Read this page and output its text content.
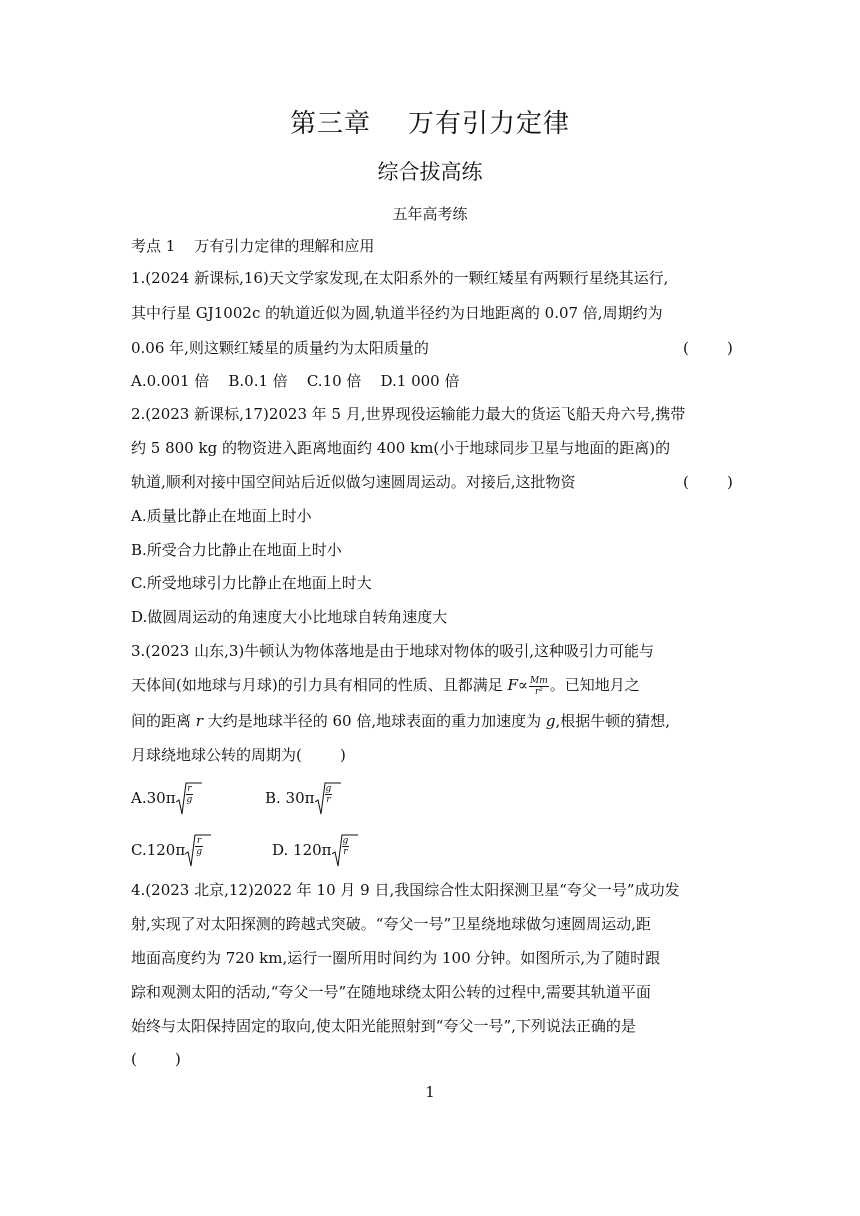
第三章    万有引力定律
综合拔高练
五年高考练
考点 1    万有引力定律的理解和应用
1.(2024 新课标,16)天文学家发现,在太阳系外的一颗红矮星有两颗行星绕其运行,
其中行星 GJ1002c 的轨道近似为圆,轨道半径约为日地距离的 0.07 倍,周期约为
0.06 年,则这颗红矮星的质量约为太阳质量的	(        )
A.0.001 倍    B.0.1 倍    C.10 倍    D.1 000 倍
2.(2023 新课标,17)2023 年 5 月,世界现役运输能力最大的货运飞船天舟六号,携带
约 5 800 kg 的物资进入距离地面约 400 km(小于地球同步卫星与地面的距离)的
轨道,顺利对接中国空间站后近似做匀速圆周运动。对接后,这批物资	(        )
A.质量比静止在地面上时小
B.所受合力比静止在地面上时小
C.所受地球引力比静止在地面上时大
D.做圆周运动的角速度大小比地球自转角速度大
3.(2023 山东,3)牛顿认为物体落地是由于地球对物体的吸引,这种吸引力可能与
天体间(如地球与月球)的引力具有相同的性质、且都满足 $F\propto \frac{Mm}{\text{r²}}$ 。已知地月之
间的距离 r 大约是地球半径的 60 倍,地球表面的重力加速度为 g,根据牛顿的猜想,
月球绕地球公转的周期为(        )
$A.30\pi \frac{r}{g}$	B. $30\pi \frac{g}{r}$
$C.120\pi \frac{r}{g}$	D. $120\pi \frac{g}{r}$
4.(2023 北京,12)2022 年 10 月 9 日,我国综合性太阳探测卫星“夸父一号”成功发
射,实现了对太阳探测的跨越式突破。“夸父一号”卫星绕地球做匀速圆周运动,距
地面高度约为 720 km,运行一圈所用时间约为 100 分钟。如图所示,为了随时跟
踪和观测太阳的活动,“夸父一号”在随地球绕太阳公转的过程中,需要其轨道平面
始终与太阳保持固定的取向,使太阳光能照射到“夸父一号”,下列说法正确的是
(        )
1
